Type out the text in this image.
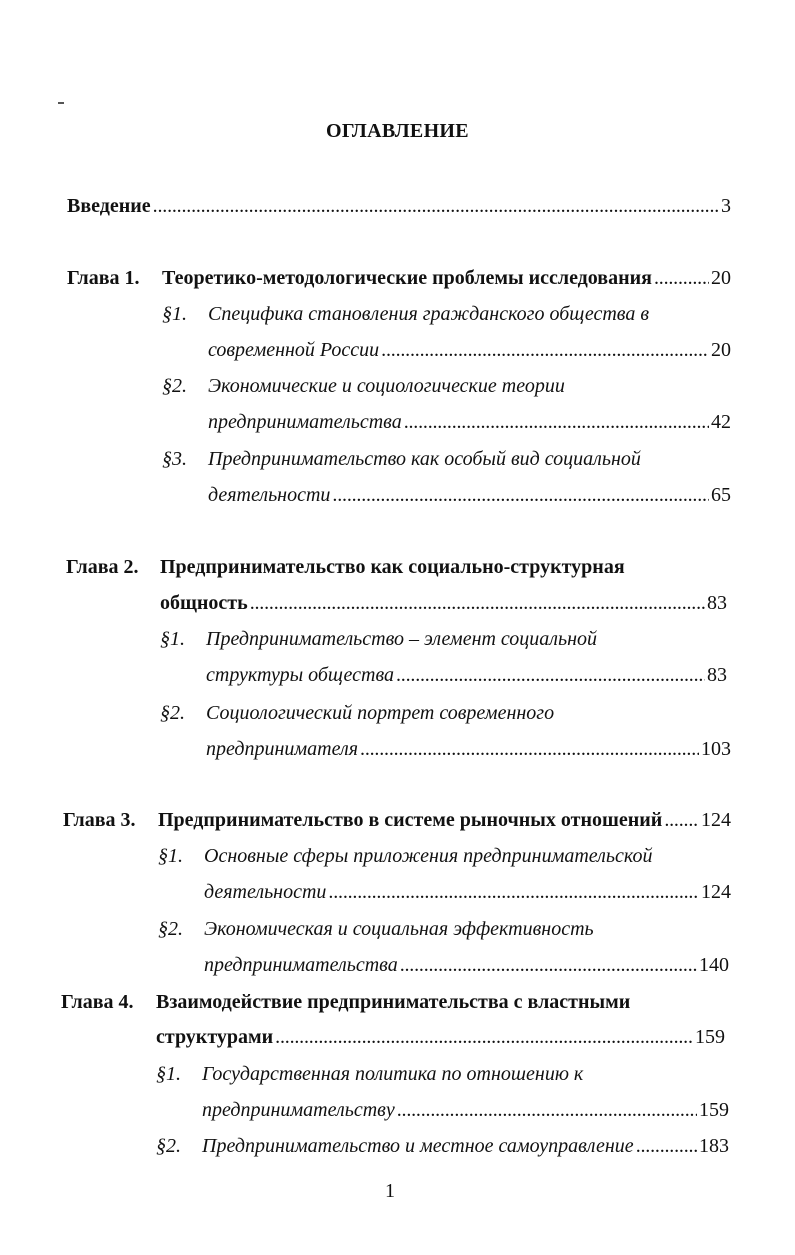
ОГЛАВЛЕНИЕ
Введение . . .	3
Глава 1. Теоретико-методологические проблемы исследования . . .	20
§1. Специфика становления гражданского общества в
современной России . . .	20
§2. Экономические и социологические теории
предпринимательства . . .	42
§3. Предпринимательство как особый вид социальной
деятельности . . .	65
Глава 2. Предпринимательство как социально-структурная
общность . . .	83
§1. Предпринимательство – элемент социальной
структуры общества . . .	83
§2. Социологический портрет современного
предпринимателя . . .	103
Глава 3. Предпринимательство в системе рыночных отношений . . . 124
§1. Основные сферы приложения предпринимательской
деятельности . . .	124
§2. Экономическая и социальная эффективность
предпринимательства . . .	140
Глава 4. Взаимодействие предпринимательства с властными
структурами . . .	159
§1. Государственная политика по отношению к
предпринимательству . . .	159
§2. Предпринимательство и местное самоуправление . . .	183
1
